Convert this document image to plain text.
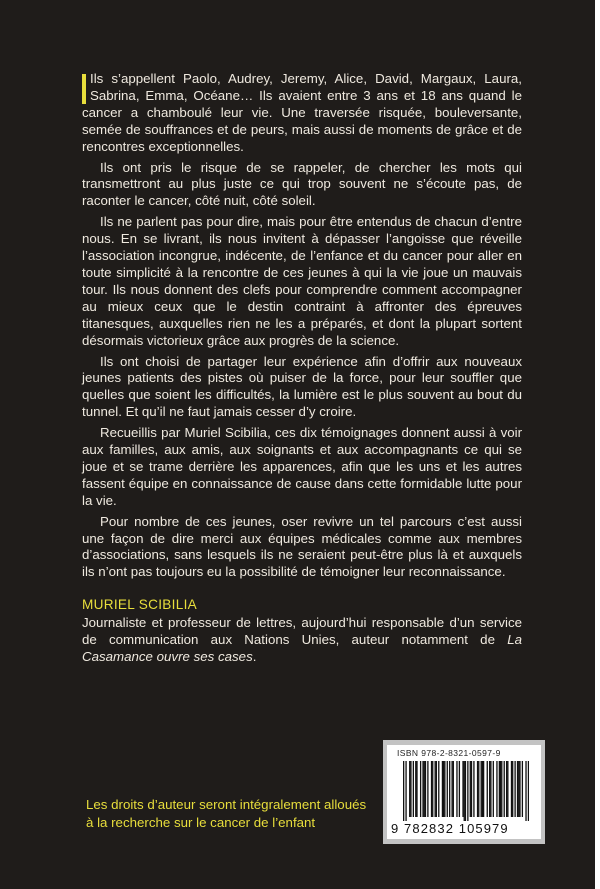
Ils s’appellent Paolo, Audrey, Jeremy, Alice, David, Margaux, Laura, Sabrina, Emma, Océane… Ils avaient entre 3 ans et 18 ans quand le cancer a chamboulé leur vie. Une traversée risquée, bouleversante, semée de souffrances et de peurs, mais aussi de moments de grâce et de rencontres exceptionnelles.

Ils ont pris le risque de se rappeler, de chercher les mots qui transmettront au plus juste ce qui trop souvent ne s’écoute pas, de raconter le cancer, côté nuit, côté soleil.

Ils ne parlent pas pour dire, mais pour être entendus de chacun d’entre nous. En se livrant, ils nous invitent à dépasser l’angoisse que réveille l’association incongrue, indécente, de l’enfance et du cancer pour aller en toute simplicité à la rencontre de ces jeunes à qui la vie joue un mauvais tour. Ils nous donnent des clefs pour comprendre comment accompagner au mieux ceux que le destin contraint à affronter des épreuves titanesques, auxquelles rien ne les a préparés, et dont la plupart sortent désormais victorieux grâce aux progrès de la science.

Ils ont choisi de partager leur expérience afin d’offrir aux nouveaux jeunes patients des pistes où puiser de la force, pour leur souffler que quelles que soient les difficultés, la lumière est le plus souvent au bout du tunnel. Et qu’il ne faut jamais cesser d’y croire.

Recueillis par Muriel Scibilia, ces dix témoignages donnent aussi à voir aux familles, aux amis, aux soignants et aux accompagnants ce qui se joue et se trame derrière les apparences, afin que les uns et les autres fassent équipe en connaissance de cause dans cette formidable lutte pour la vie.

Pour nombre de ces jeunes, oser revivre un tel parcours c’est aussi une façon de dire merci aux équipes médicales comme aux membres d’associations, sans lesquels ils ne seraient peut-être plus là et auxquels ils n’ont pas toujours eu la possibilité de témoigner leur reconnaissance.

MURIEL SCIBILIA
Journaliste et professeur de lettres, aujourd’hui responsable d’un service de communication aux Nations Unies, auteur notamment de La Casamance ouvre ses cases.
ISBN 978-2-8321-0597-9
9 782832 105979
Les droits d’auteur seront intégralement alloués
à la recherche sur le cancer de l’enfant
